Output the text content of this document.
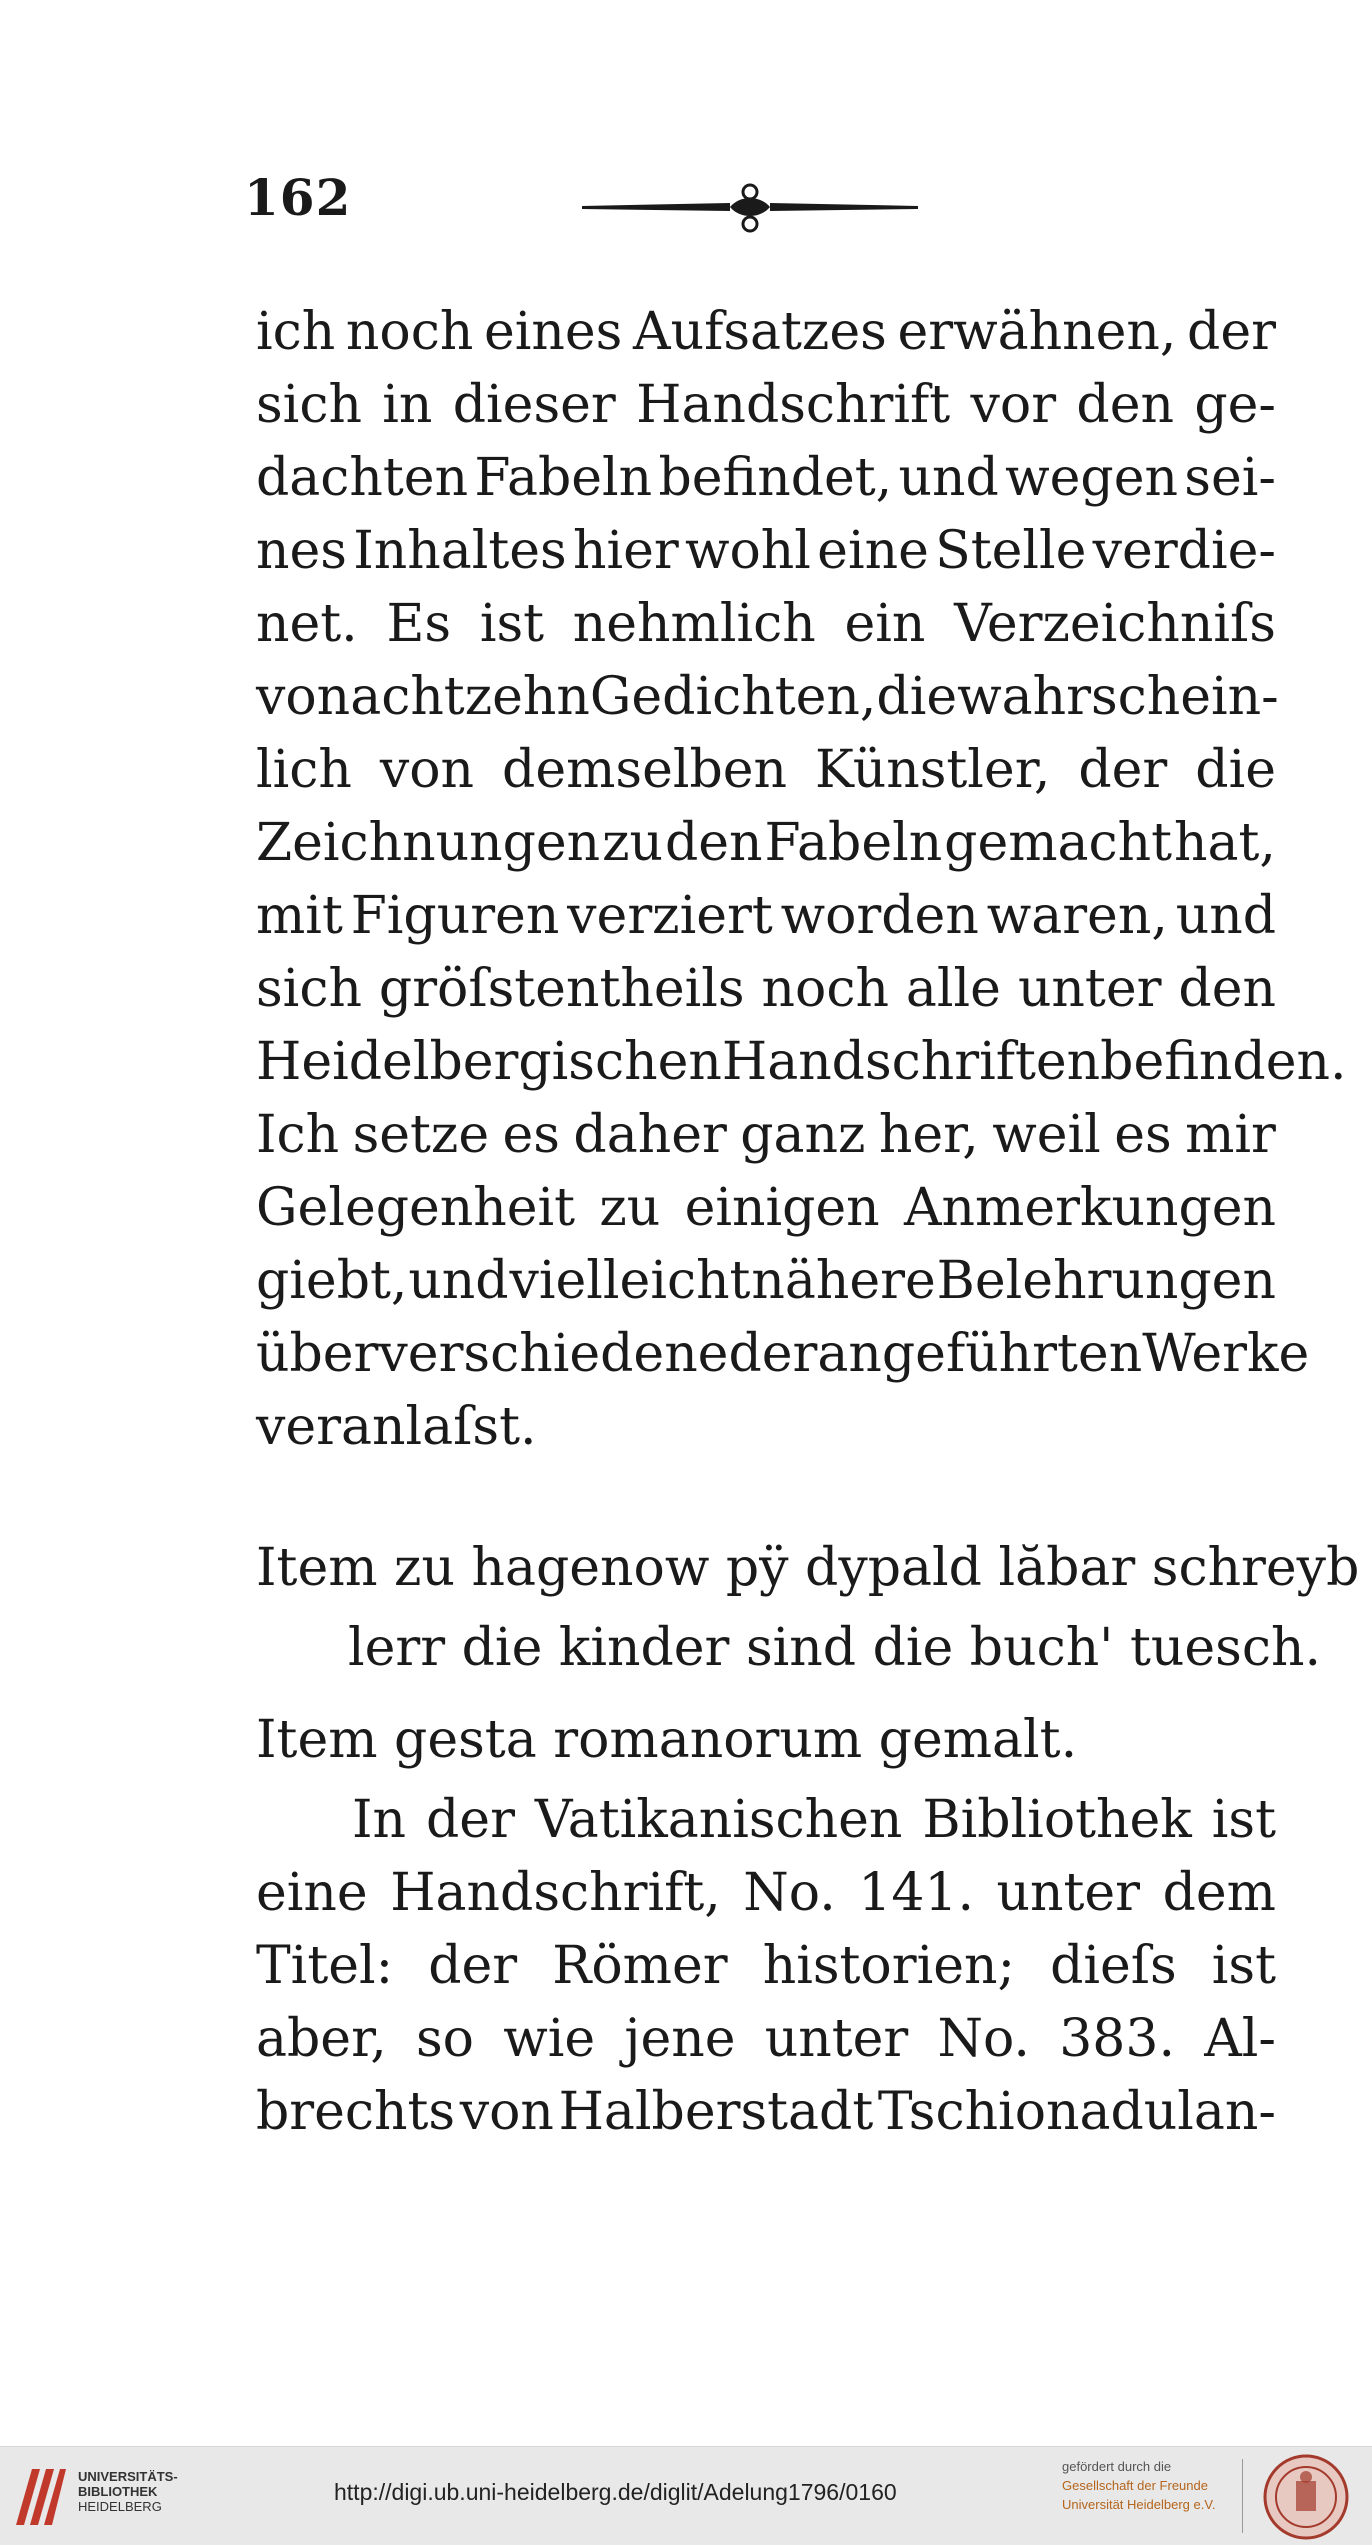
162
ich noch eines Aufsatzes erwähnen, der
sich in dieser Handschrift vor den ge-
dachten Fabeln befindet, und wegen sei-
nes Inhaltes hier wohl eine Stelle verdie-
net. Es ist nehmlich ein Verzeichniſs
von achtzehn Gedichten, die wahrschein-
lich von demselben Künstler, der die
Zeichnungen zu den Fabeln gemacht hat,
mit Figuren verziert worden waren, und
sich gröſstentheils noch alle unter den
Heidelbergischen Handschriften befinden.
Ich setze es daher ganz her, weil es mir
Gelegenheit zu einigen Anmerkungen
giebt, und vielleicht nähere Belehrungen
über verschiedene der angeführten Werke
veranlaſst.
Item zu hagenow pÿ dypald lăbar schreyb
lerr die kinder sind die buch' tuesch.
Item gesta romanorum gemalt.
In der Vatikanischen Bibliothek ist
eine Handschrift, No. 141. unter dem
Titel: der Römer historien; dieſs ist
aber, so wie jene unter No. 383. Al-
brechts von Halberstadt Tschionadulan-
UNIVERSITÄTS-
BIBLIOTHEK
HEIDELBERG
http://digi.ub.uni-heidelberg.de/diglit/Adelung1796/0160
gefördert durch die
Gesellschaft der Freunde
Universität Heidelberg e.V.
